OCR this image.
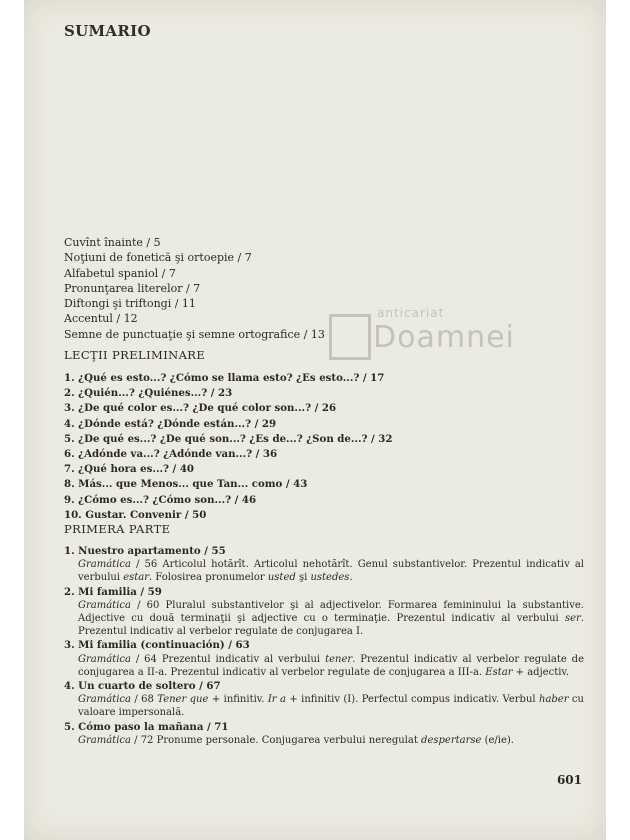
SUMARIO
Cuvînt înainte / 5
Noţiuni de fonetică şi ortoepie / 7
Alfabetul spaniol / 7
Pronunţarea literelor / 7
Diftongi şi triftongi / 11
Accentul / 12
Semne de punctuaţie şi semne ortografice / 13
LECŢII PRELIMINARE
1. ¿Qué es esto...? ¿Cómo se llama esto? ¿Es esto...? / 17
2. ¿Quién...? ¿Quiénes...? / 23
3. ¿De qué color es...? ¿De qué color son...? / 26
4. ¿Dónde está? ¿Dónde están...? / 29
5. ¿De qué es...? ¿De qué son...? ¿Es de...? ¿Son de...? / 32
6. ¿Adónde va...? ¿Adónde van...? / 36
7. ¿Qué hora es...? / 40
8. Más... que Menos... que Tan... como / 43
9. ¿Cómo es...? ¿Cómo son...? / 46
10. Gustar. Convenir / 50
PRIMERA PARTE
1. Nuestro apartamento / 55
Gramática / 56 Articolul hotărît. Articolul nehotărît. Genul substantivelor. Prezentul indicativ al verbului estar. Folosirea pronumelor usted şi ustedes.
2. Mi familia / 59
Gramática / 60 Pluralul substantivelor şi al adjectivelor. Formarea femininului la substantive. Adjective cu două terminaţii şi adjective cu o terminaţie. Prezentul indicativ al verbului ser. Prezentul indicativ al verbelor regulate de conjugarea I.
3. Mi familia (continuación) / 63
Gramática / 64 Prezentul indicativ al verbului tener. Prezentul indicativ al verbelor regulate de conjugarea a II-a. Prezentul indicativ al verbelor regulate de conjugarea a III-a. Estar + adjectiv.
4. Un cuarto de soltero / 67
Gramática / 68 Tener que + infinitiv. Ir a + infinitiv (I). Perfectul compus indicativ. Verbul haber cu valoare impersonală.
5. Cómo paso la mañana / 71
Gramática / 72 Pronume personale. Conjugarea verbului neregulat despertarse (e/ie).
601
anticariat
Doamnei
